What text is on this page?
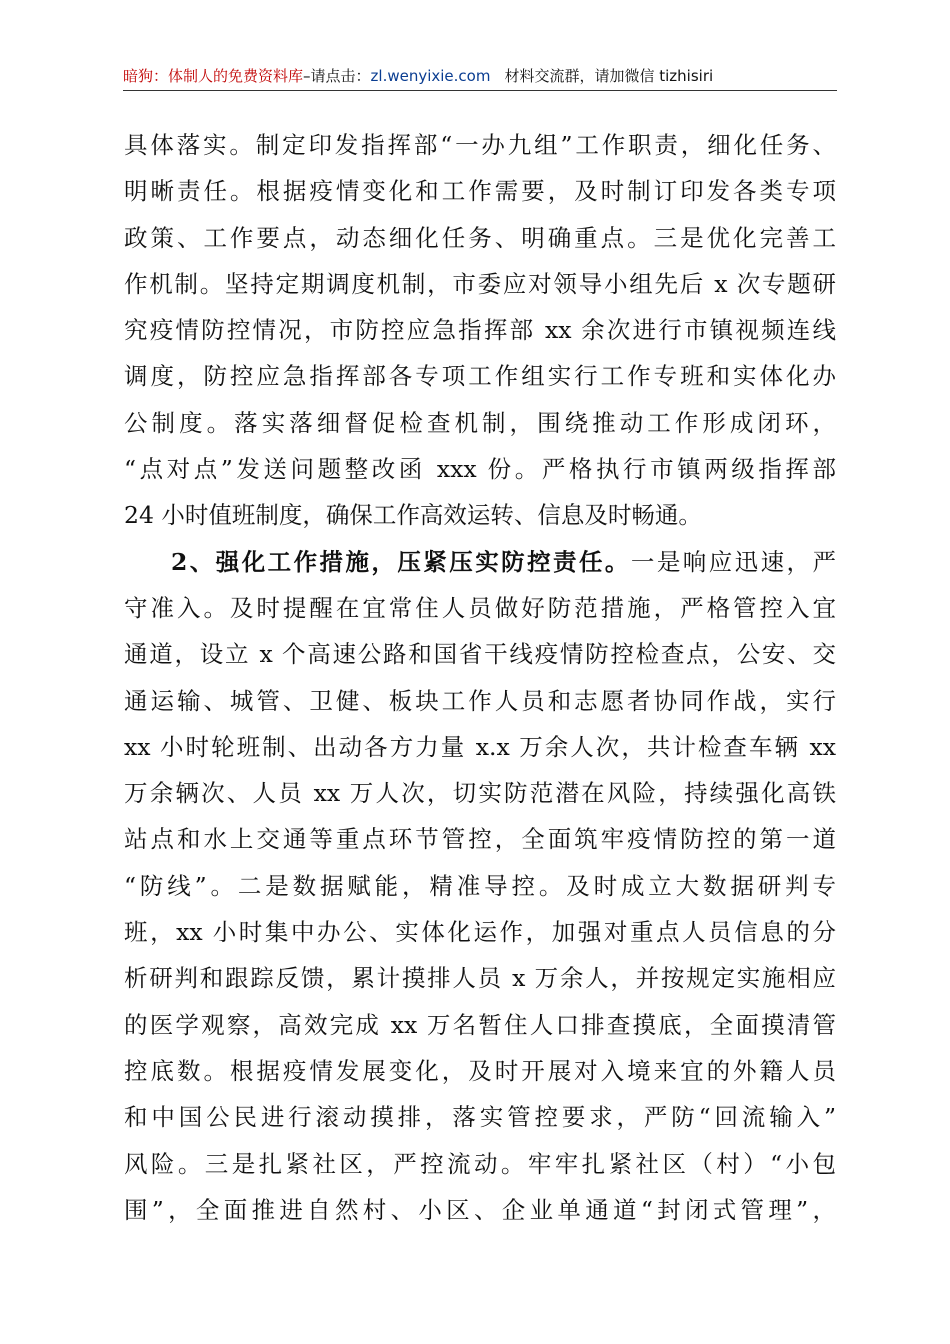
暗狗：体制人的免费资料库–请点击：zl.wenyixie.com 材料交流群，请加微信 tizhisiri
具体落实。制定印发指挥部“一办九组”工作职责，细化任务、
明晰责任。根据疫情变化和工作需要，及时制订印发各类专项
政策、工作要点，动态细化任务、明确重点。三是优化完善工
作机制。坚持定期调度机制，市委应对领导小组先后 x 次专题研
究疫情防控情况，市防控应急指挥部 xx 余次进行市镇视频连线
调度，防控应急指挥部各专项工作组实行工作专班和实体化办
公制度。落实落细督促检查机制，围绕推动工作形成闭环，
“点对点”发送问题整改函 xxx 份。严格执行市镇两级指挥部
24 小时值班制度，确保工作高效运转、信息及时畅通。
2、强化工作措施，压紧压实防控责任。一是响应迅速，严
守准入。及时提醒在宜常住人员做好防范措施，严格管控入宜
通道，设立 x 个高速公路和国省干线疫情防控检查点，公安、交
通运输、城管、卫健、板块工作人员和志愿者协同作战，实行
xx 小时轮班制、出动各方力量 x.x 万余人次，共计检查车辆 xx
万余辆次、人员 xx 万人次，切实防范潜在风险，持续强化高铁
站点和水上交通等重点环节管控，全面筑牢疫情防控的第一道
“防线”。二是数据赋能，精准导控。及时成立大数据研判专
班，xx 小时集中办公、实体化运作，加强对重点人员信息的分
析研判和跟踪反馈，累计摸排人员 x 万余人，并按规定实施相应
的医学观察，高效完成 xx 万名暂住人口排查摸底，全面摸清管
控底数。根据疫情发展变化，及时开展对入境来宜的外籍人员
和中国公民进行滚动摸排，落实管控要求，严防“回流输入”
风险。三是扎紧社区，严控流动。牢牢扎紧社区（村）“小包
围”，全面推进自然村、小区、企业单通道“封闭式管理”，
